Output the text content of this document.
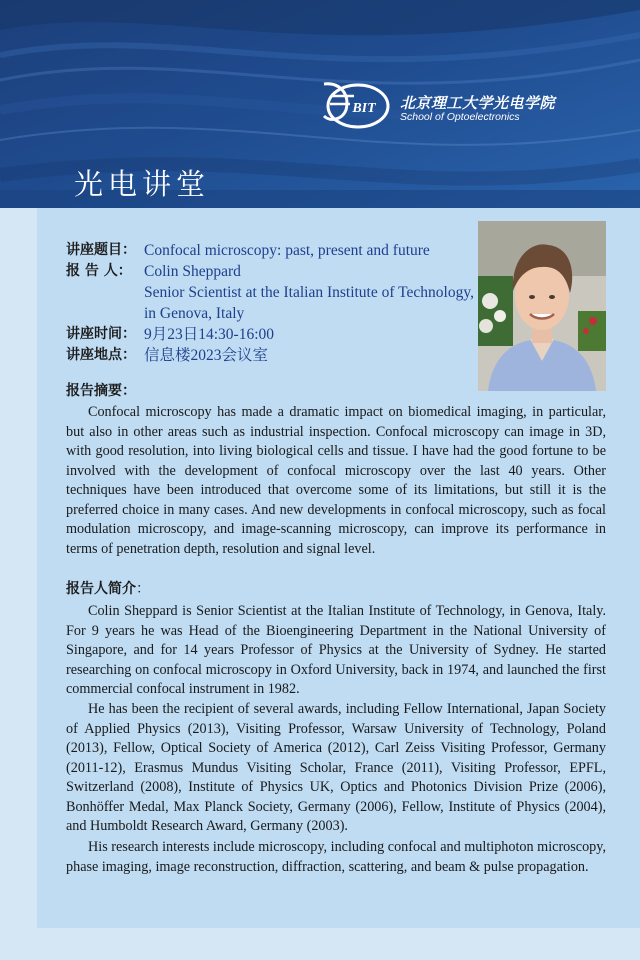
BIT 北京理工大学光电学院
School of Optoelectronics
光电讲堂
讲座题目： Confocal microscopy: past, present and future
报 告 人： Colin Sheppard
Senior Scientist at the Italian Institute of Technology,
in Genova, Italy
讲座时间： 9月23日14:30-16:00
讲座地点： 信息楼2023会议室
报告摘要：
Confocal microscopy has made a dramatic impact on biomedical imaging, in particular, but also in other areas such as industrial inspection. Confocal microscopy can image in 3D, with good resolution, into living biological cells and tissue. I have had the good fortune to be involved with the development of confocal microscopy over the last 40 years. Other techniques have been introduced that overcome some of its limitations, but still it is the preferred choice in many cases. And new developments in confocal microscopy, such as focal modulation microscopy, and image-scanning microscopy, can improve its performance in terms of penetration depth, resolution and signal level.
报告人简介：
Colin Sheppard is Senior Scientist at the Italian Institute of Technology, in Genova, Italy. For 9 years he was Head of the Bioengineering Department in the National University of Singapore, and for 14 years Professor of Physics at the University of Sydney. He started researching on confocal microscopy in Oxford University, back in 1974, and launched the first commercial confocal instrument in 1982.
He has been the recipient of several awards, including Fellow International, Japan Society of Applied Physics (2013), Visiting Professor, Warsaw University of Technology, Poland (2013), Fellow, Optical Society of America (2012), Carl Zeiss Visiting Professor, Germany (2011-12), Erasmus Mundus Visiting Scholar, France (2011), Visiting Professor, EPFL, Switzerland (2008), Institute of Physics UK, Optics and Photonics Division Prize (2006), Bonhöffer Medal, Max Planck Society, Germany (2006), Fellow, Institute of Physics (2004), and Humboldt Research Award, Germany (2003).
His research interests include microscopy, including confocal and multiphoton microscopy, phase imaging, image reconstruction, diffraction, scattering, and beam & pulse propagation.
